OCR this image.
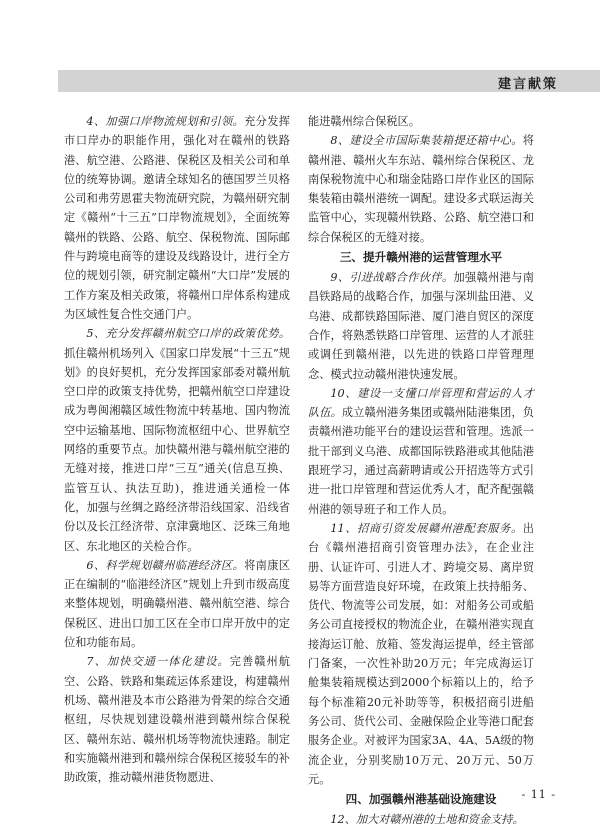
建言献策

4、加强口岸物流规划和引领。充分发挥市口岸办的职能作用，强化对在赣州的铁路港、航空港、公路港、保税区及相关公司和单位的统筹协调。邀请全球知名的德国罗兰贝格公司和弗劳恩霍夫物流研究院，为赣州研究制定《赣州“十三五”口岸物流规划》，全面统筹赣州的铁路、公路、航空、保税物流、国际邮件与跨境电商等的建设及线路设计，进行全方位的规划引领，研究制定赣州“大口岸”发展的工作方案及相关政策，将赣州口岸体系构建成为区域性复合性交通门户。

5、充分发挥赣州航空口岸的政策优势。抓住赣州机场列入《国家口岸发展“十三五”规划》的良好契机，充分发挥国家部委对赣州航空口岸的政策支持优势，把赣州航空口岸建设成为粤闽湘赣区域性物流中转基地、国内物流空中运输基地、国际物流枢纽中心、世界航空网络的重要节点。加快赣州港与赣州航空港的无缝对接，推进口岸“三互”通关(信息互换、监管互认、执法互助)，推进通关通检一体化，加强与丝绸之路经济带沿线国家、沿线省份以及长江经济带、京津冀地区、泛珠三角地区、东北地区的关检合作。

6、科学规划赣州临港经济区。将南康区正在编制的“临港经济区”规划上升到市级高度来整体规划，明确赣州港、赣州航空港、综合保税区、进出口加工区在全市口岸开放中的定位和功能布局。

7、加快交通一体化建设。完善赣州航空、公路、铁路和集疏运体系建设，构建赣州机场、赣州港及本市公路港为骨架的综合交通枢纽，尽快规划建设赣州港到赣州综合保税区、赣州东站、赣州机场等物流快速路。制定和实施赣州港到和赣州综合保税区接驳车的补助政策，推动赣州港货物愿进、

能进赣州综合保税区。

8、建设全市国际集装箱提还箱中心。将赣州港、赣州火车东站、赣州综合保税区、龙南保税物流中心和瑞金陆路口岸作业区的国际集装箱由赣州港统一调配。建设多式联运海关监管中心，实现赣州铁路、公路、航空港口和综合保税区的无缝对接。

三、提升赣州港的运营管理水平

9、引进战略合作伙伴。加强赣州港与南昌铁路局的战略合作，加强与深圳盐田港、义乌港、成都铁路国际港、厦门港自贸区的深度合作，将熟悉铁路口岸管理、运营的人才派驻或调任到赣州港，以先进的铁路口岸管理理念、模式拉动赣州港快速发展。

10、建设一支懂口岸管理和营运的人才队伍。成立赣州港务集团或赣州陆港集团，负责赣州港功能平台的建设运营和管理。选派一批干部到义乌港、成都国际铁路港或其他陆港跟班学习，通过高薪聘请或公开招选等方式引进一批口岸管理和营运优秀人才，配齐配强赣州港的领导班子和工作人员。

11、招商引资发展赣州港配套服务。出台《赣州港招商引资管理办法》，在企业注册、认证许可、引进人才、跨境交易、离岸贸易等方面营造良好环境，在政策上扶持船务、货代、物流等公司发展，如：对船务公司或船务公司直接授权的物流企业，在赣州港实现直接海运订舱、放箱、签发海运提单，经主管部门备案，一次性补助20万元；年完成海运订舱集装箱规模达到2000个标箱以上的，给予每个标准箱20元补助等等，积极招商引进船务公司、货代公司、金融保险企业等港口配套服务企业。对被评为国家3A、4A、5A级的物流企业，分别奖励10万元、20万元、50万元。

四、加强赣州港基础设施建设

12、加大对赣州港的土地和资金支持。

- 11 -
